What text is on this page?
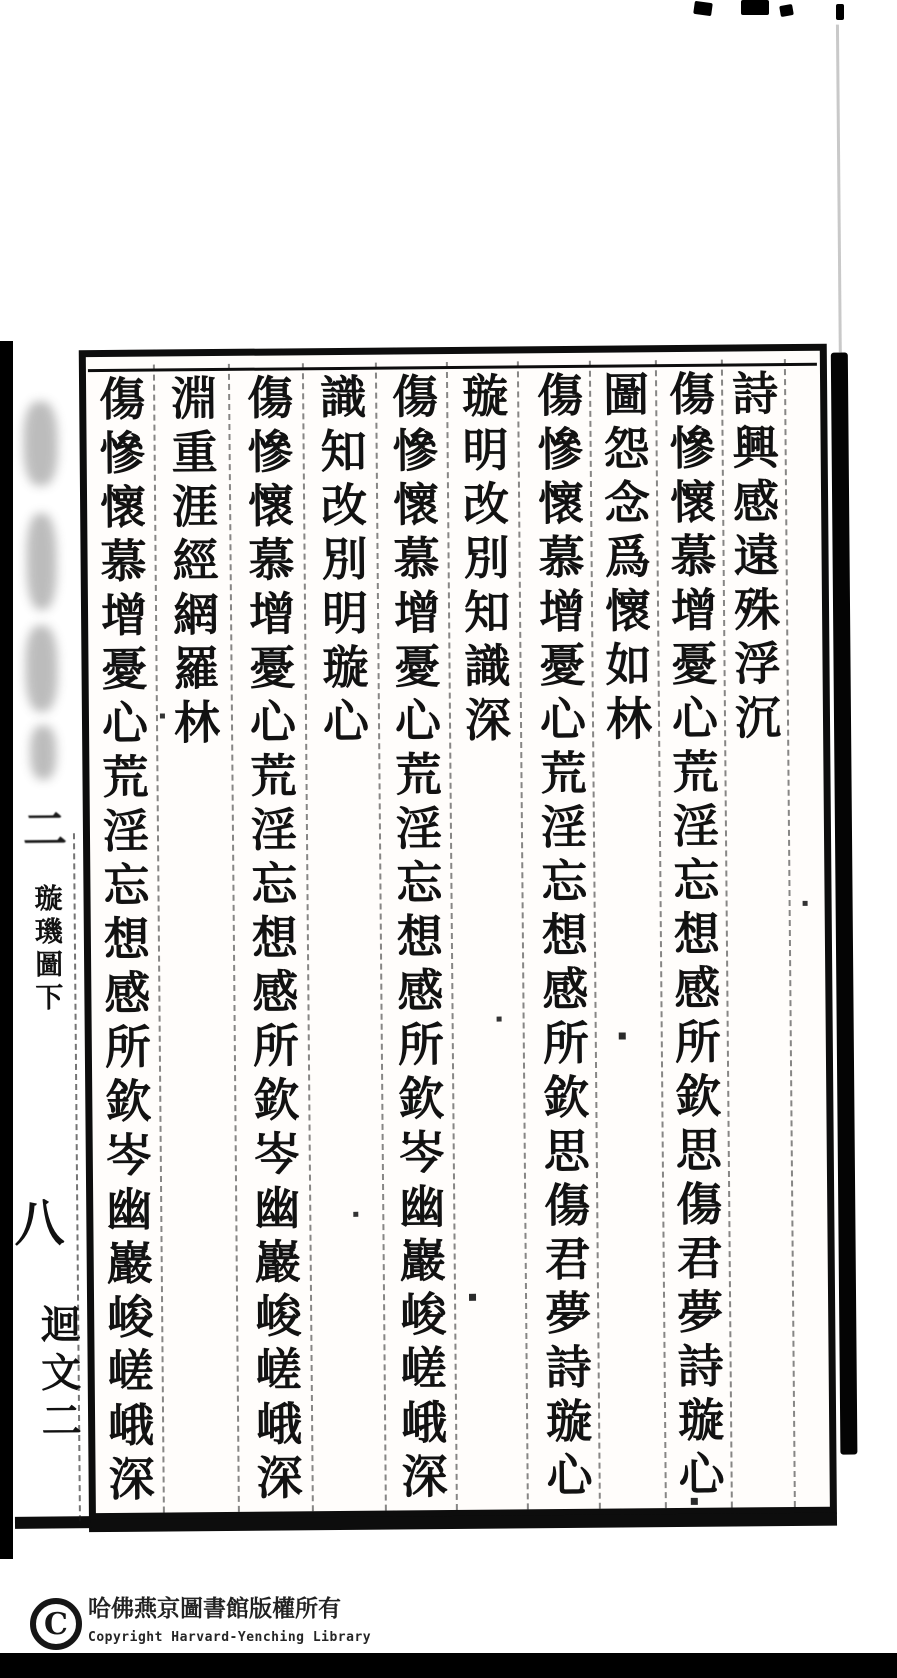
詩興感遠殊浮沉
傷慘懷慕增憂心荒淫忘想感所欽思傷君夢詩璇心
圖怨念爲懷如林
傷慘懷慕增憂心荒淫忘想感所欽思傷君夢詩璇心
璇明改別知識深
傷慘懷慕增憂心荒淫忘想感所欽岑幽巖峻嵯峨深
識知改別明璇心
傷慘懷慕增憂心荒淫忘想感所欽岑幽巖峻嵯峨深
淵重涯經網羅林
傷慘懷慕增憂心荒淫忘想感所欽岑幽巖峻嵯峨深
二
璇璣圖下
八
迴文二
C 哈佛燕京圖書館版權所有
Copyright Harvard-Yenching Library
